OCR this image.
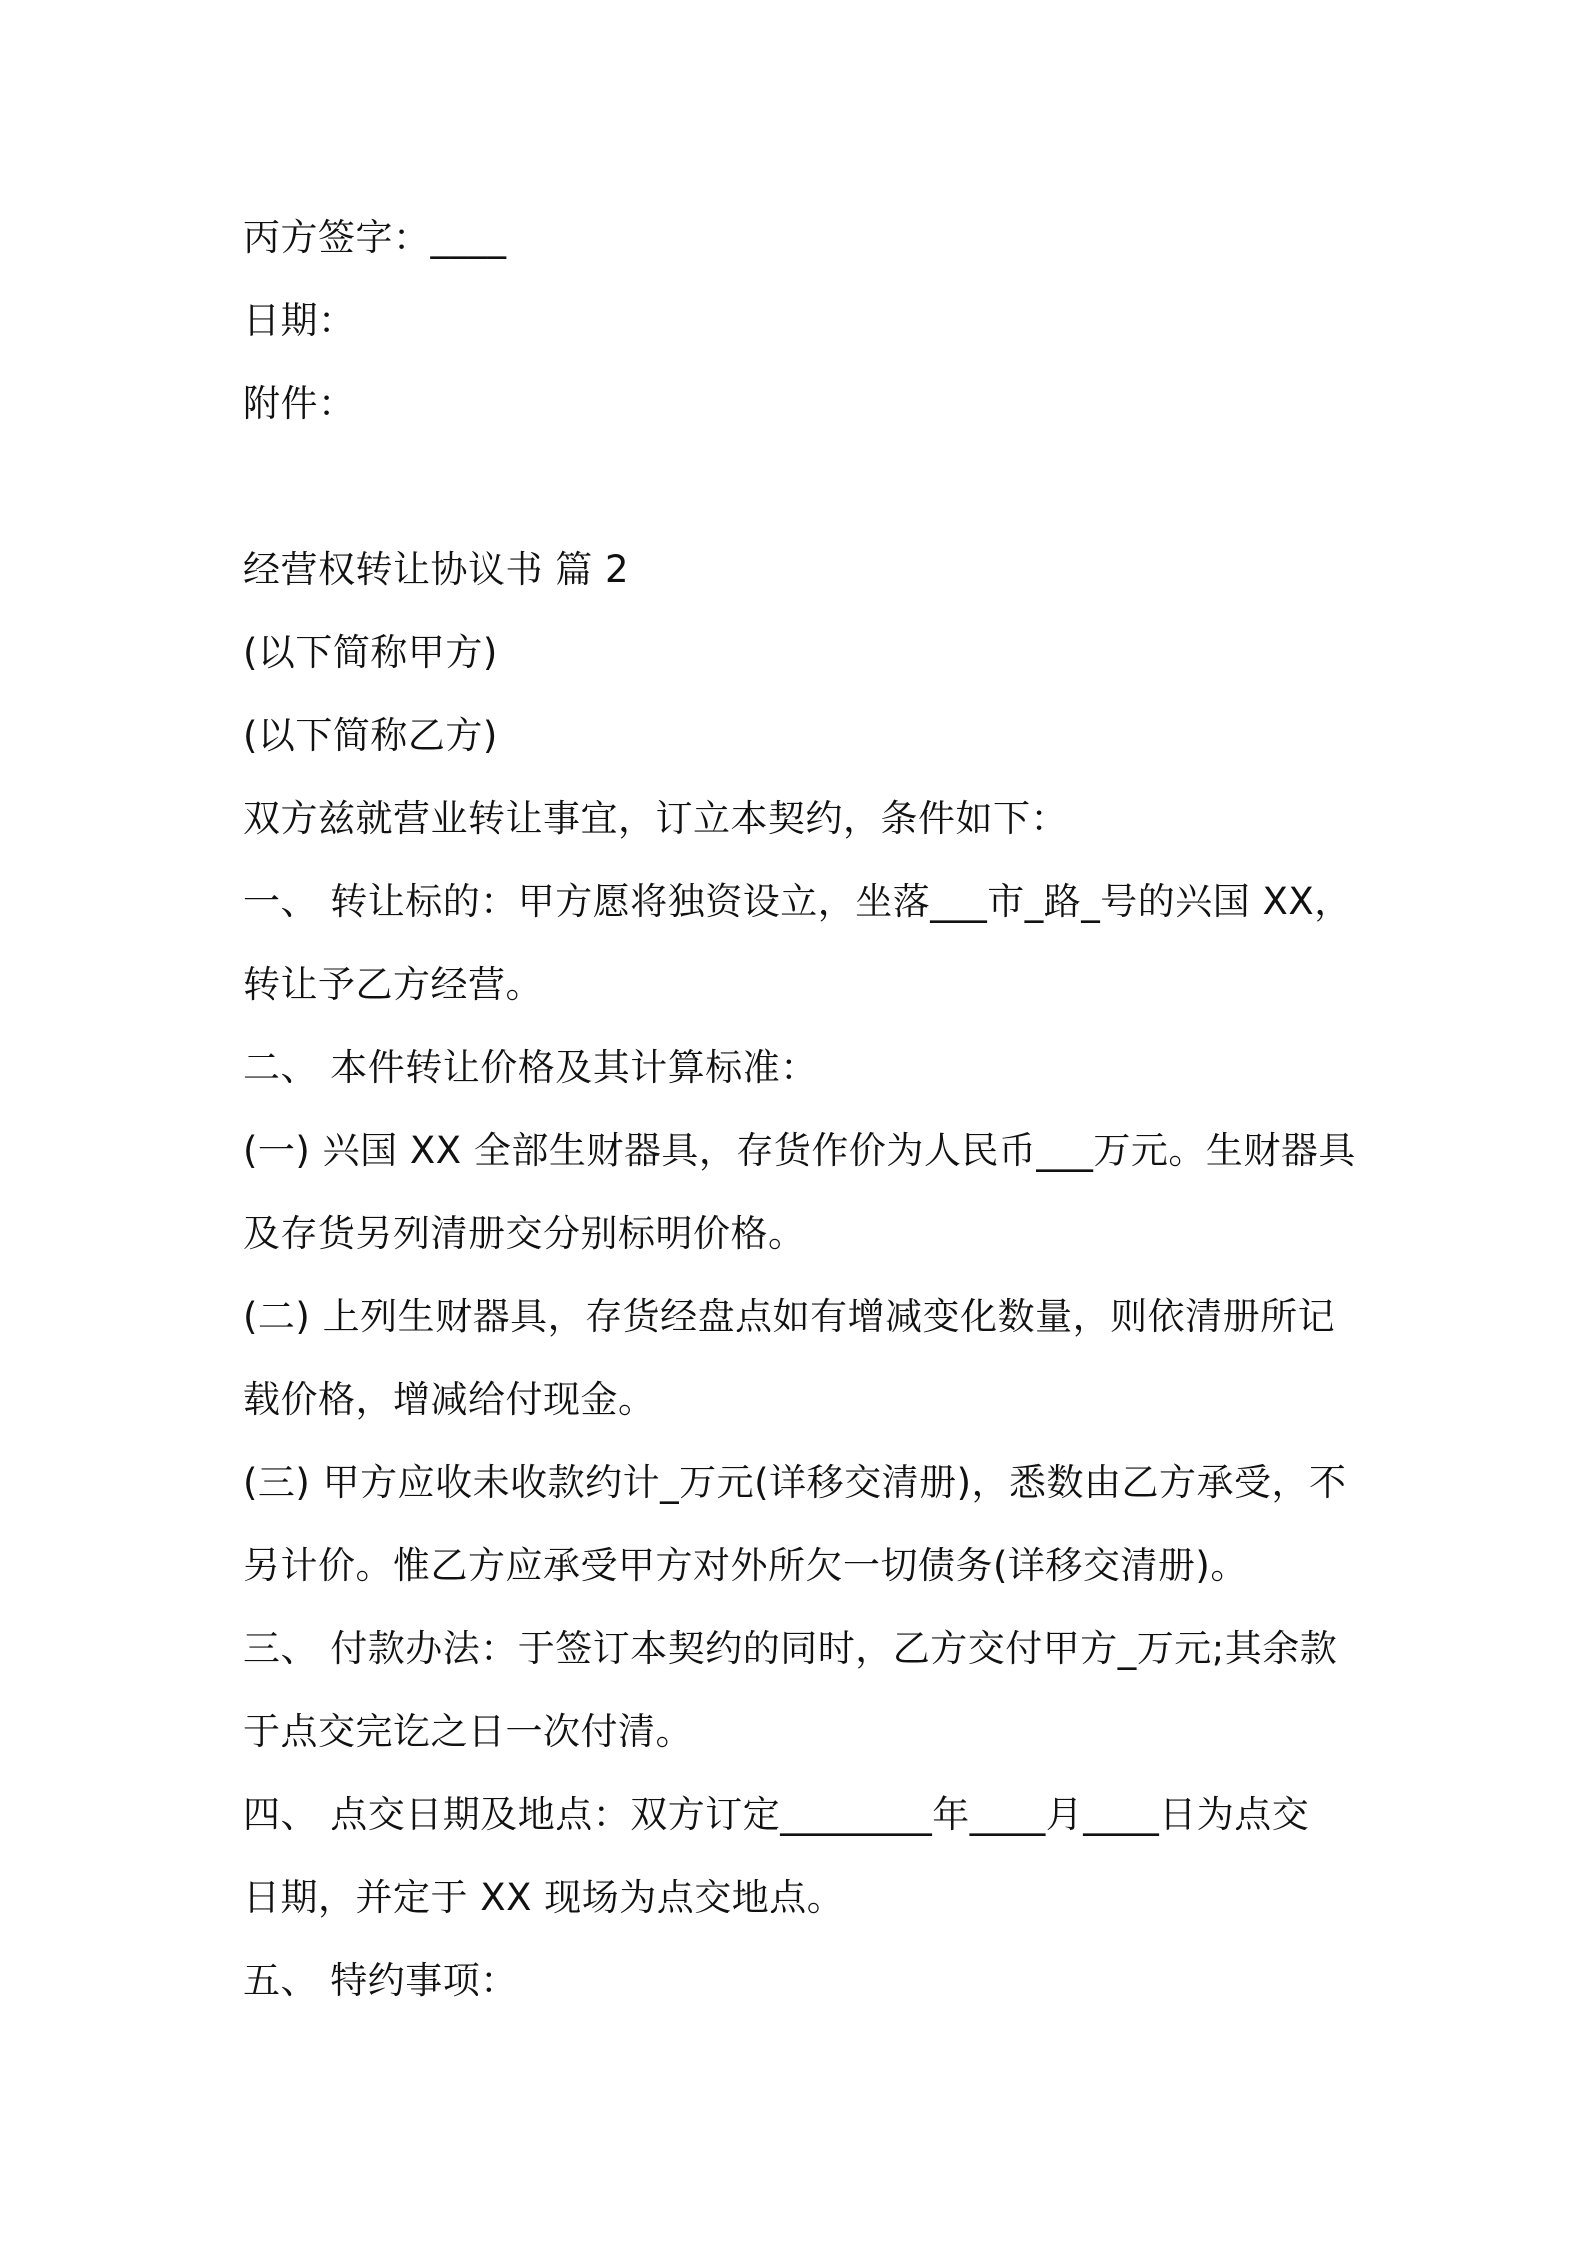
丙方签字：____
日期：
附件：
经营权转让协议书 篇 2
(以下简称甲方)
(以下简称乙方)
双方兹就营业转让事宜，订立本契约，条件如下：
一、 转让标的：甲方愿将独资设立，坐落___市_路_号的兴国 XX，
转让予乙方经营。
二、 本件转让价格及其计算标准：
(一) 兴国 XX 全部生财器具，存货作价为人民币___万元。生财器具
及存货另列清册交分别标明价格。
(二) 上列生财器具，存货经盘点如有增减变化数量，则依清册所记
载价格，增减给付现金。
(三) 甲方应收未收款约计_万元(详移交清册)，悉数由乙方承受，不
另计价。惟乙方应承受甲方对外所欠一切债务(详移交清册)。
三、 付款办法：于签订本契约的同时，乙方交付甲方_万元;其余款
于点交完讫之日一次付清。
四、 点交日期及地点：双方订定________年____月____日为点交
日期，并定于 XX 现场为点交地点。
五、 特约事项：
